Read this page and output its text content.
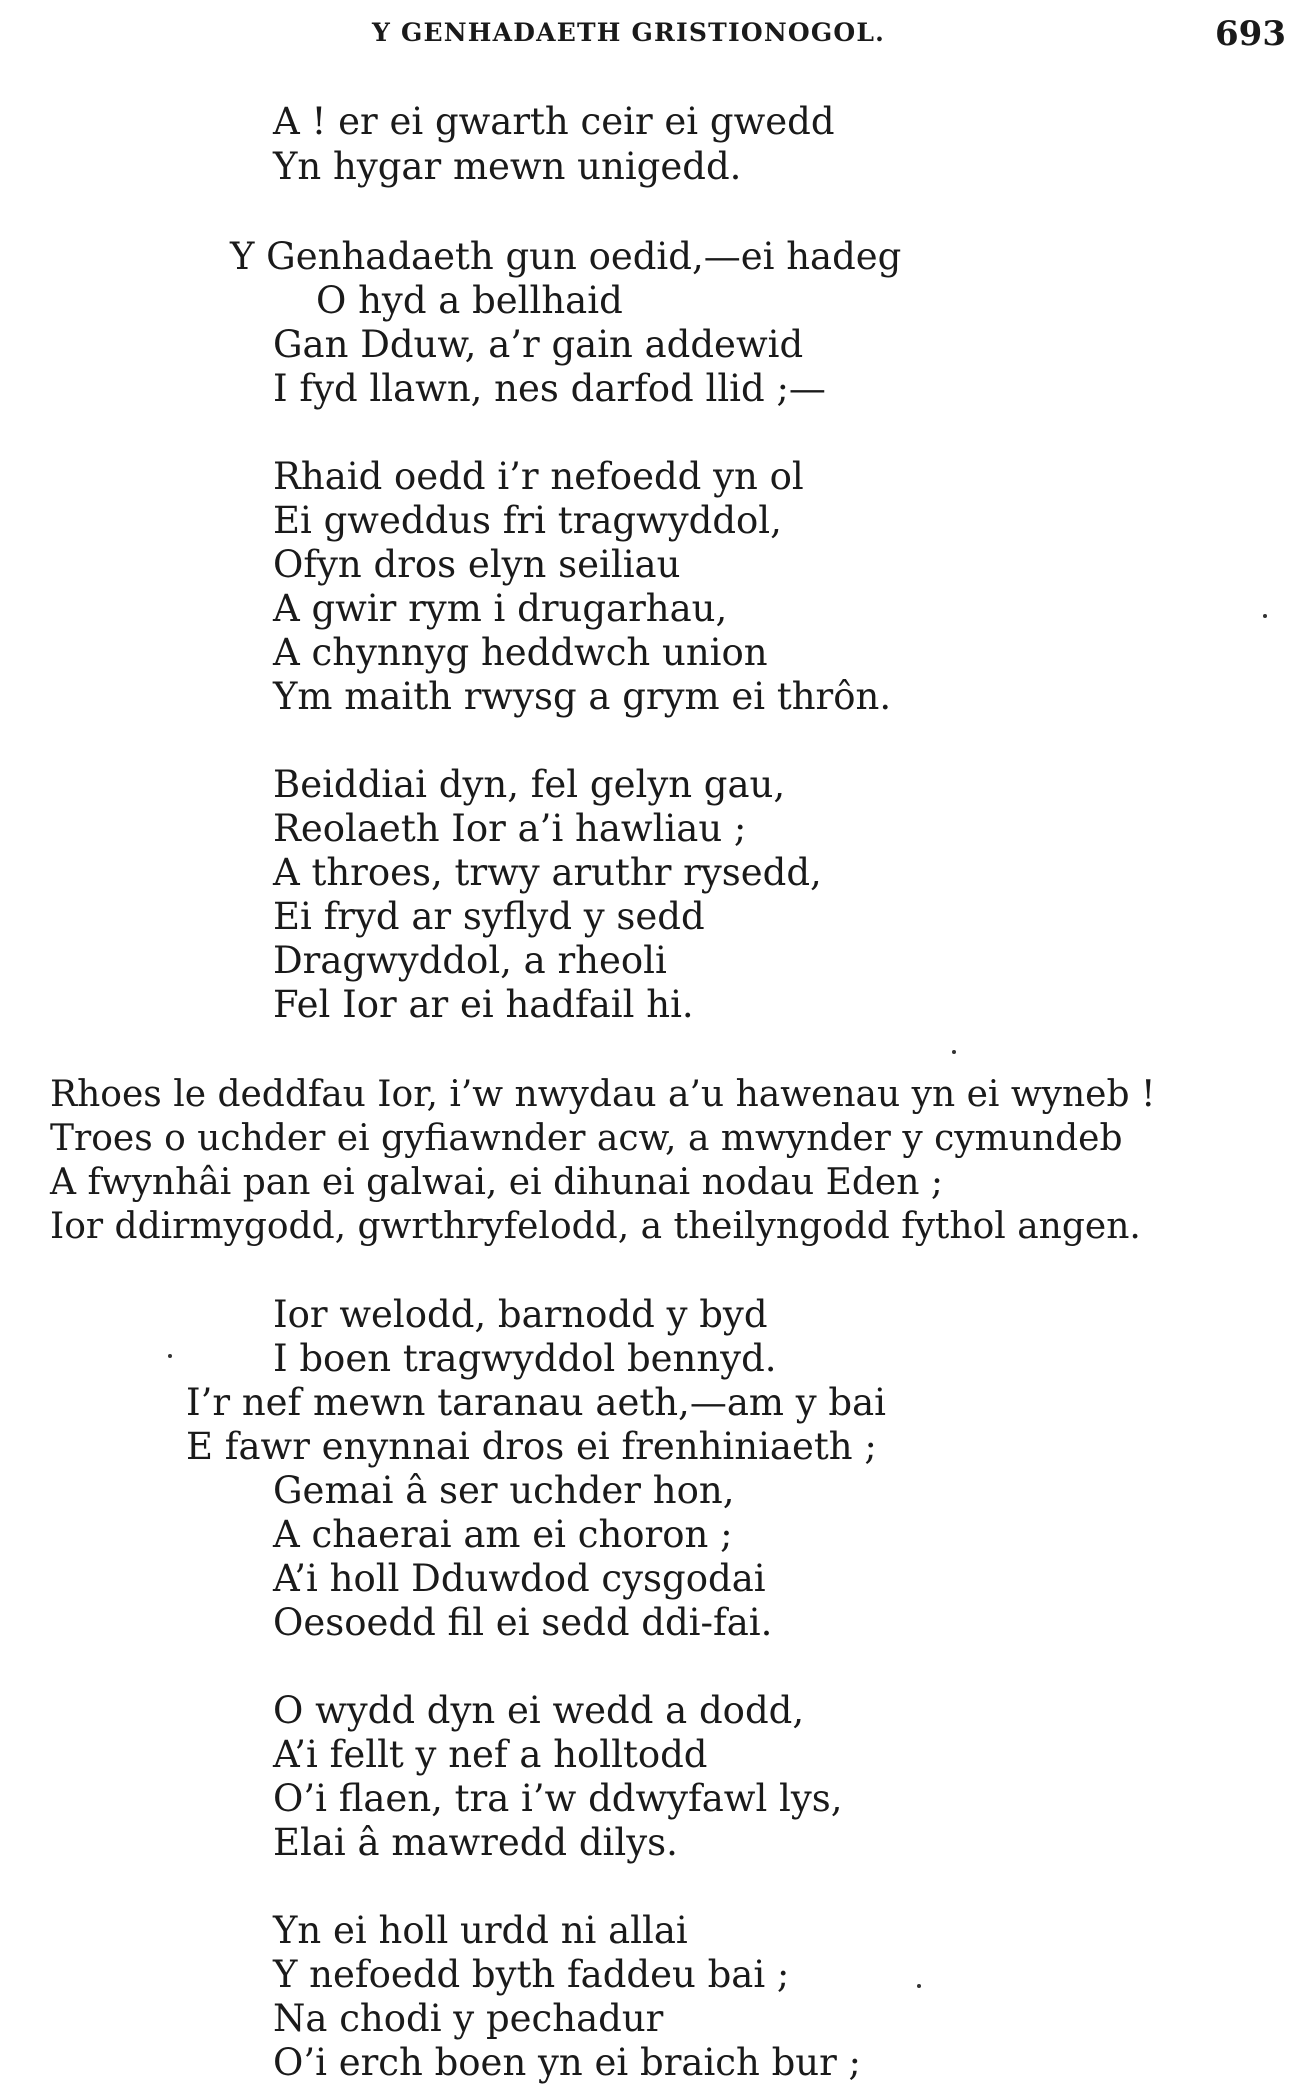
Y GENHADAETH GRISTIONOGOL.	693
A ! er ei gwarth ceir ei gwedd
Yn hygar mewn unigedd.
Y Genhadaeth gun oedid,—ei hadeg
O hyd a bellhaid
Gan Dduw, a’r gain addewid
I fyd llawn, nes darfod llid ;—
Rhaid oedd i’r nefoedd yn ol
Ei gweddus fri tragwyddol,
Ofyn dros elyn seiliau
A gwir rym i drugarhau,
A chynnyg heddwch union
Ym maith rwysg a grym ei thrôn.
Beiddiai dyn, fel gelyn gau,
Reolaeth Ior a’i hawliau ;
A throes, trwy aruthr rysedd,
Ei fryd ar syflyd y sedd
Dragwyddol, a rheoli
Fel Ior ar ei hadfail hi.
Rhoes le deddfau Ior, i’w nwydau a’u hawenau yn ei wyneb !
Troes o uchder ei gyfiawnder acw, a mwynder y cymundeb
A fwynhâi pan ei galwai, ei dihunai nodau Eden ;
Ior ddirmygodd, gwrthryfelodd, a theilyngodd fythol angen.
Ior welodd, barnodd y byd
I boen tragwyddol bennyd.
I’r nef mewn taranau aeth,—am y bai
E fawr enynnai dros ei frenhiniaeth ;
Gemai â ser uchder hon,
A chaerai am ei choron ;
A’i holl Dduwdod cysgodai
Oesoedd fil ei sedd ddi-fai.
O wydd dyn ei wedd a dodd,
A’i fellt y nef a holltodd
O’i flaen, tra i’w ddwyfawl lys,
Elai â mawredd dilys.
Yn ei holl urdd ni allai
Y nefoedd byth faddeu bai ;
Na chodi y pechadur
O’i erch boen yn ei braich bur ;
